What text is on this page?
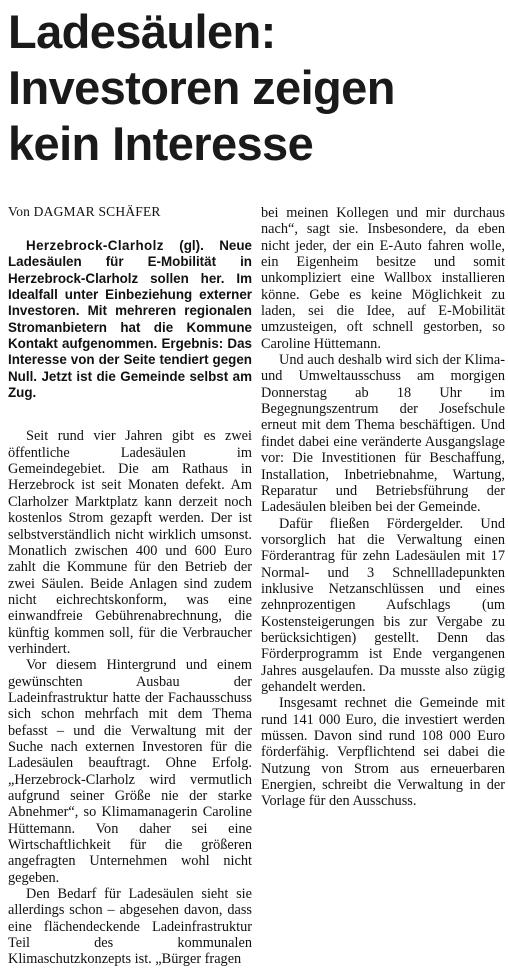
Ladesäulen:
Investoren zeigen
kein Interesse
Von DAGMAR SCHÄFER

Herzebrock-Clarholz (gl). Neue Ladesäulen für E-Mobilität in Herzebrock-Clarholz sollen her. Im Idealfall unter Einbeziehung externer Investoren. Mit mehreren regionalen Stromanbietern hat die Kommune Kontakt aufgenommen. Ergebnis: Das Interesse von der Seite tendiert gegen Null. Jetzt ist die Gemeinde selbst am Zug.

Seit rund vier Jahren gibt es zwei öffentliche Ladesäulen im Gemeindegebiet. Die am Rathaus in Herzebrock ist seit Monaten defekt. Am Clarholzer Marktplatz kann derzeit noch kostenlos Strom gezapft werden. Der ist selbstverständlich nicht wirklich umsonst. Monatlich zwischen 400 und 600 Euro zahlt die Kommune für den Betrieb der zwei Säulen. Beide Anlagen sind zudem nicht eichrechtskonform, was eine einwandfreie Gebührenabrechnung, die künftig kommen soll, für die Verbraucher verhindert.

Vor diesem Hintergrund und einem gewünschten Ausbau der Ladeinfrastruktur hatte der Fachausschuss sich schon mehrfach mit dem Thema befasst – und die Verwaltung mit der Suche nach externen Investoren für die Ladesäulen beauftragt. Ohne Erfolg. „Herzebrock-Clarholz wird vermutlich aufgrund seiner Größe nie der starke Abnehmer“, so Klimamanagerin Caroline Hüttemann. Von daher sei eine Wirtschaftlichkeit für die größeren angefragten Unternehmen wohl nicht gegeben.

Den Bedarf für Ladesäulen sieht sie allerdings schon – abgesehen davon, dass eine flächendeckende Ladeinfrastruktur Teil des kommunalen Klimaschutzkonzepts ist. „Bürger fragen

bei meinen Kollegen und mir durchaus nach“, sagt sie. Insbesondere, da eben nicht jeder, der ein E-Auto fahren wolle, ein Eigenheim besitze und somit unkompliziert eine Wallbox installieren könne. Gebe es keine Möglichkeit zu laden, sei die Idee, auf E-Mobilität umzusteigen, oft schnell gestorben, so Caroline Hüttemann.

Und auch deshalb wird sich der Klima- und Umweltausschuss am morgigen Donnerstag ab 18 Uhr im Begegnungszentrum der Josefschule erneut mit dem Thema beschäftigen. Und findet dabei eine veränderte Ausgangslage vor: Die Investitionen für Beschaffung, Installation, Inbetriebnahme, Wartung, Reparatur und Betriebsführung der Ladesäulen bleiben bei der Gemeinde.

Dafür fließen Fördergelder. Und vorsorglich hat die Verwaltung einen Förderantrag für zehn Ladesäulen mit 17 Normal- und 3 Schnellladepunkten inklusive Netzanschlüssen und eines zehnprozentigen Aufschlags (um Kostensteigerungen bis zur Vergabe zu berücksichtigen) gestellt. Denn das Förderprogramm ist Ende vergangenen Jahres ausgelaufen. Da musste also zügig gehandelt werden.

Insgesamt rechnet die Gemeinde mit rund 141 000 Euro, die investiert werden müssen. Davon sind rund 108 000 Euro förderfähig. Verpflichtend sei dabei die Nutzung von Strom aus erneuerbaren Energien, schreibt die Verwaltung in der Vorlage für den Ausschuss.
